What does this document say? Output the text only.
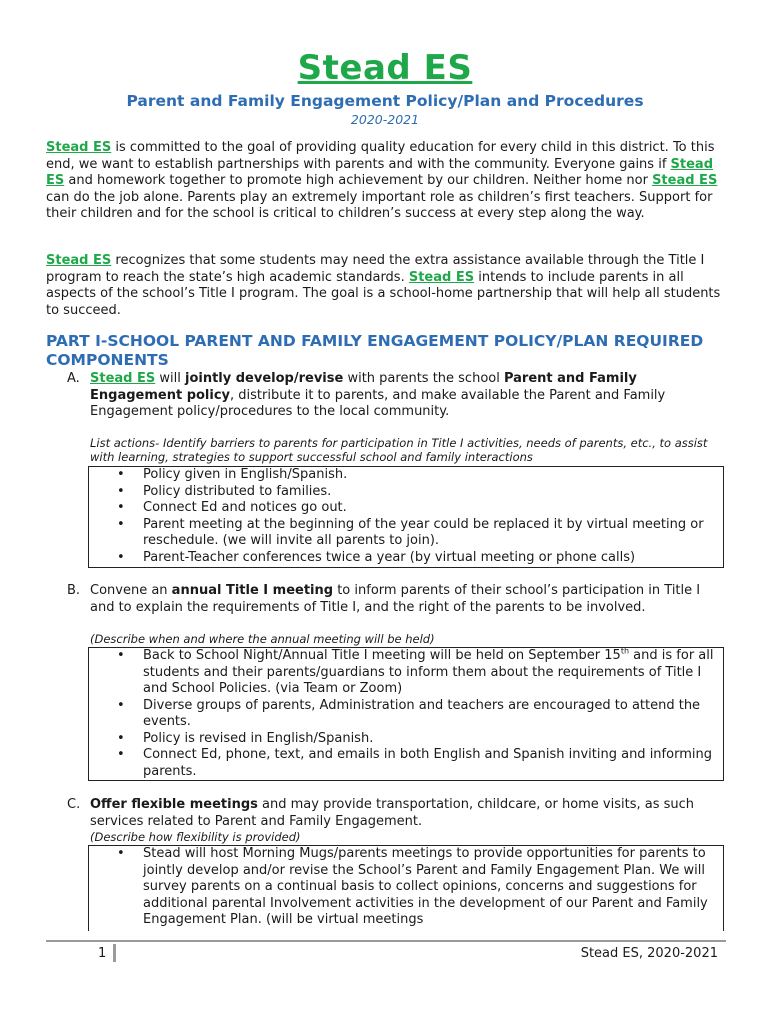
Stead ES
Parent and Family Engagement Policy/Plan and Procedures
2020-2021
Stead ES is committed to the goal of providing quality education for every child in this district. To this end, we want to establish partnerships with parents and with the community. Everyone gains if Stead ES and homework together to promote high achievement by our children. Neither home nor Stead ES can do the job alone. Parents play an extremely important role as children’s first teachers. Support for their children and for the school is critical to children’s success at every step along the way.
Stead ES recognizes that some students may need the extra assistance available through the Title I program to reach the state’s high academic standards. Stead ES intends to include parents in all aspects of the school’s Title I program. The goal is a school-home partnership that will help all students to succeed.
PART I-SCHOOL PARENT AND FAMILY ENGAGEMENT POLICY/PLAN REQUIRED COMPONENTS
A. Stead ES will jointly develop/revise with parents the school Parent and Family Engagement policy, distribute it to parents, and make available the Parent and Family Engagement policy/procedures to the local community.
List actions- Identify barriers to parents for participation in Title I activities, needs of parents, etc., to assist with learning, strategies to support successful school and family interactions
• Policy given in English/Spanish.
• Policy distributed to families.
• Connect Ed and notices go out.
• Parent meeting at the beginning of the year could be replaced it by virtual meeting or reschedule. (we will invite all parents to join).
• Parent-Teacher conferences twice a year (by virtual meeting or phone calls)
B. Convene an annual Title I meeting to inform parents of their school’s participation in Title I and to explain the requirements of Title I, and the right of the parents to be involved.
(Describe when and where the annual meeting will be held)
• Back to School Night/Annual Title I meeting will be held on September 15th and is for all students and their parents/guardians to inform them about the requirements of Title I and School Policies. (via Team or Zoom)
• Diverse groups of parents, Administration and teachers are encouraged to attend the events.
• Policy is revised in English/Spanish.
• Connect Ed, phone, text, and emails in both English and Spanish inviting and informing parents.
C. Offer flexible meetings and may provide transportation, childcare, or home visits, as such services related to Parent and Family Engagement.
(Describe how flexibility is provided)
• Stead will host Morning Mugs/parents meetings to provide opportunities for parents to jointly develop and/or revise the School’s Parent and Family Engagement Plan. We will survey parents on a continual basis to collect opinions, concerns and suggestions for additional parental Involvement activities in the development of our Parent and Family Engagement Plan. (will be virtual meetings
1	Stead ES, 2020-2021
